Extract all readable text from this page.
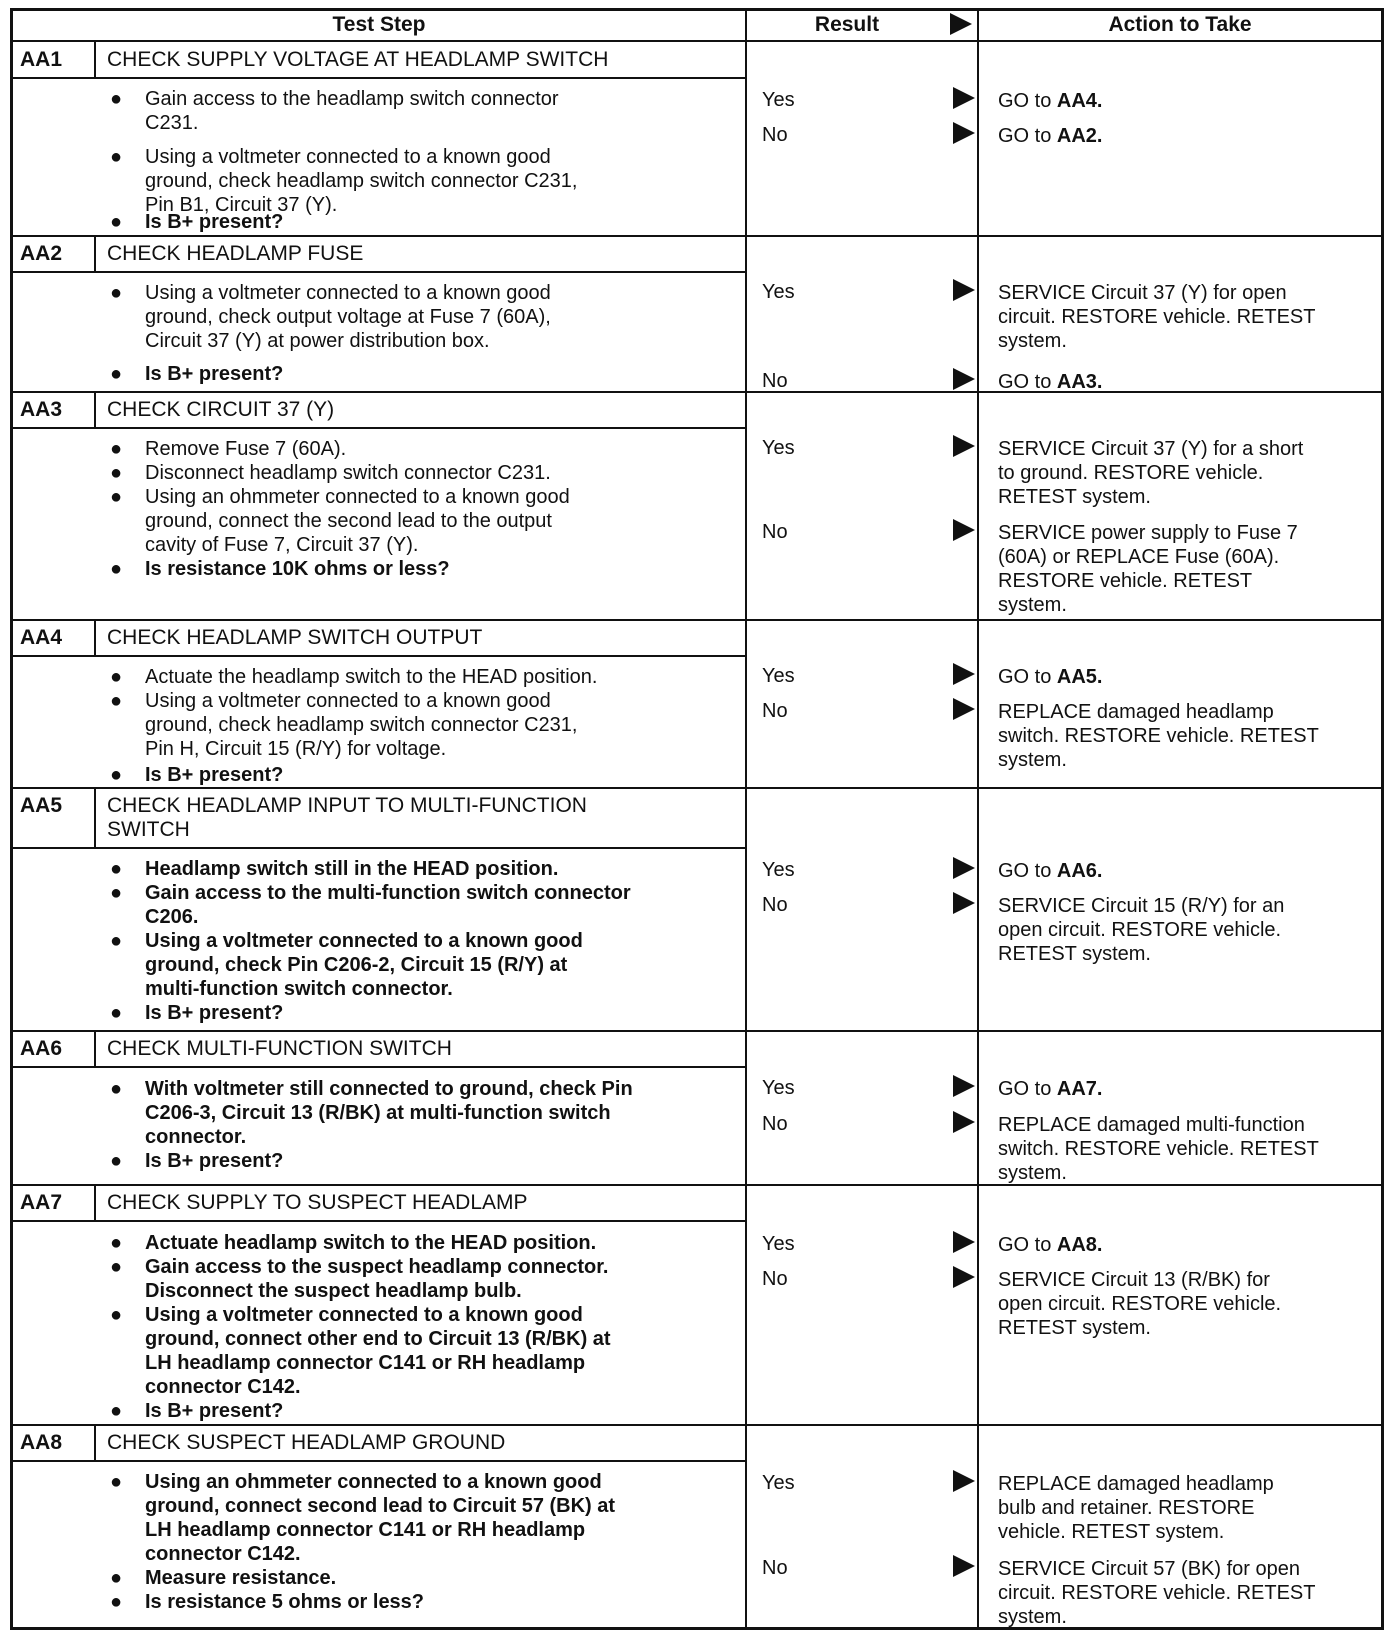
Test Step	Result	Action to Take
AA1	CHECK SUPPLY VOLTAGE AT HEADLAMP SWITCH
● Gain access to the headlamp switch connector
C231.
● Using a voltmeter connected to a known good
ground, check headlamp switch connector C231,
Pin B1, Circuit 37 (Y).
● Is B+ present?
Yes	GO to AA4.
No	GO to AA2.
AA2	CHECK HEADLAMP FUSE
● Using a voltmeter connected to a known good
ground, check output voltage at Fuse 7 (60A),
Circuit 37 (Y) at power distribution box.
● Is B+ present?
Yes	SERVICE Circuit 37 (Y) for open
circuit. RESTORE vehicle. RETEST
system.
No	GO to AA3.
AA3	CHECK CIRCUIT 37 (Y)
● Remove Fuse 7 (60A).
● Disconnect headlamp switch connector C231.
● Using an ohmmeter connected to a known good
ground, connect the second lead to the output
cavity of Fuse 7, Circuit 37 (Y).
● Is resistance 10K ohms or less?
Yes	SERVICE Circuit 37 (Y) for a short
to ground. RESTORE vehicle.
RETEST system.
No	SERVICE power supply to Fuse 7
(60A) or REPLACE Fuse (60A).
RESTORE vehicle. RETEST
system.
AA4	CHECK HEADLAMP SWITCH OUTPUT
● Actuate the headlamp switch to the HEAD position.
● Using a voltmeter connected to a known good
ground, check headlamp switch connector C231,
Pin H, Circuit 15 (R/Y) for voltage.
● Is B+ present?
Yes	GO to AA5.
No	REPLACE damaged headlamp
switch. RESTORE vehicle. RETEST
system.
AA5	CHECK HEADLAMP INPUT TO MULTI-FUNCTION
SWITCH
● Headlamp switch still in the HEAD position.
● Gain access to the multi-function switch connector
C206.
● Using a voltmeter connected to a known good
ground, check Pin C206-2, Circuit 15 (R/Y) at
multi-function switch connector.
● Is B+ present?
Yes	GO to AA6.
No	SERVICE Circuit 15 (R/Y) for an
open circuit. RESTORE vehicle.
RETEST system.
AA6	CHECK MULTI-FUNCTION SWITCH
● With voltmeter still connected to ground, check Pin
C206-3, Circuit 13 (R/BK) at multi-function switch
connector.
● Is B+ present?
Yes	GO to AA7.
No	REPLACE damaged multi-function
switch. RESTORE vehicle. RETEST
system.
AA7	CHECK SUPPLY TO SUSPECT HEADLAMP
● Actuate headlamp switch to the HEAD position.
● Gain access to the suspect headlamp connector.
Disconnect the suspect headlamp bulb.
● Using a voltmeter connected to a known good
ground, connect other end to Circuit 13 (R/BK) at
LH headlamp connector C141 or RH headlamp
connector C142.
● Is B+ present?
Yes	GO to AA8.
No	SERVICE Circuit 13 (R/BK) for
open circuit. RESTORE vehicle.
RETEST system.
AA8	CHECK SUSPECT HEADLAMP GROUND
● Using an ohmmeter connected to a known good
ground, connect second lead to Circuit 57 (BK) at
LH headlamp connector C141 or RH headlamp
connector C142.
● Measure resistance.
● Is resistance 5 ohms or less?
Yes	REPLACE damaged headlamp
bulb and retainer. RESTORE
vehicle. RETEST system.
No	SERVICE Circuit 57 (BK) for open
circuit. RESTORE vehicle. RETEST
system.
